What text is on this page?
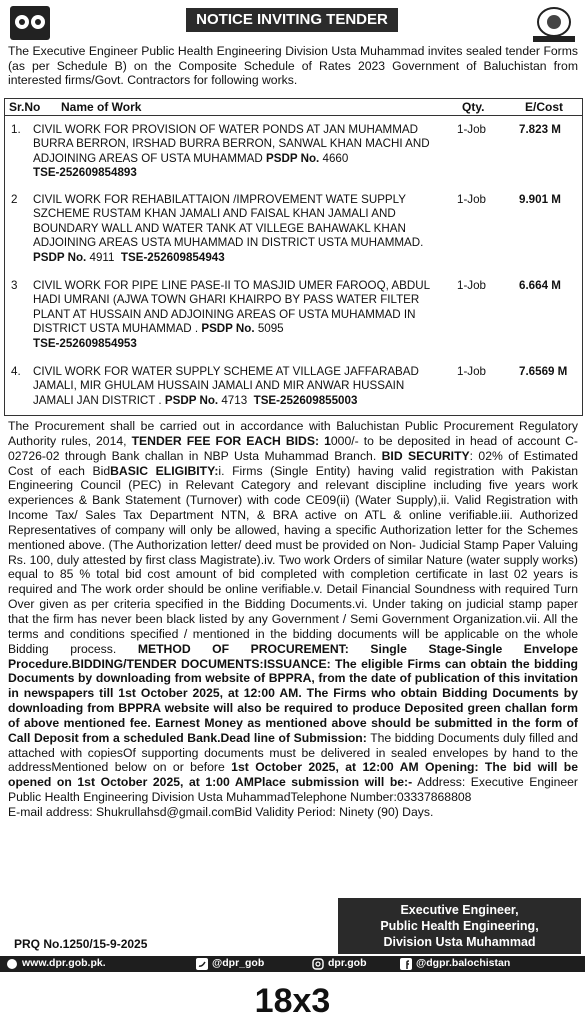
NOTICE INVITING TENDER
The Executive Engineer Public Health Engineering Division Usta Muhammad invites sealed tender Forms (as per Schedule B) on the Composite Schedule of Rates 2023 Government of Baluchistan from interested firms/Govt. Contractors for following works.
Sr.No Name of Work	Qty.	E/Cost
1. CIVIL WORK FOR PROVISION OF WATER PONDS AT JAN MUHAMMAD BURRA BERRON, IRSHAD BURRA BERRON, SANWAL KHAN MACHI AND ADJOINING AREAS OF USTA MUHAMMAD PSDP No. 4660
TSE-252609854893
1-Job	7.823 M
2 CIVIL WORK FOR REHABILATTAION /IMPROVEMENT WATE SUPPLY SZCHEME RUSTAM KHAN JAMALI AND FAISAL KHAN JAMALI AND BOUNDARY WALL AND WATER TANK AT VILLEGE BAHAWAKL KHAN ADJOINING AREAS USTA MUHAMMAD IN DISTRICT USTA MUHAMMAD. PSDP No. 4911 TSE-252609854943
1-Job	9.901 M
3 CIVIL WORK FOR PIPE LINE PASE-II TO MASJID UMER FAROOQ, ABDUL HADI UMRANI (AJWA TOWN GHARI KHAIRPO BY PASS WATER FILTER PLANT AT HUSSAIN AND ADJOINING AREAS OF USTA MUHAMMAD IN DISTRICT USTA MUHAMMAD . PSDP No. 5095
TSE-252609854953
1-Job	6.664 M
4. CIVIL WORK FOR WATER SUPPLY SCHEME AT VILLAGE JAFFARABAD JAMALI, MIR GHULAM HUSSAIN JAMALI AND MIR ANWAR HUSSAIN JAMALI JAN DISTRICT . PSDP No. 4713 TSE-252609855003
1-Job	7.6569 M
The Procurement shall be carried out in accordance with Baluchistan Public Procurement Regulatory Authority rules, 2014, TENDER FEE FOR EACH BIDS: 1000/- to be deposited in head of account C-02726-02 through Bank challan in NBP Usta Muhammad Branch. BID SECURITY: 02% of Estimated Cost of each BidBASIC ELIGIBITY:i. Firms (Single Entity) having valid registration with Pakistan Engineering Council (PEC) in Relevant Category and relevant discipline including five years work experiences & Bank Statement (Turnover) with code CE09(ii) (Water Supply),ii. Valid Registration with Income Tax/ Sales Tax Department NTN, & BRA active on ATL & online verifiable.iii. Authorized Representatives of company will only be allowed, having a specific Authorization letter for the Schemes mentioned above. (The Authorization letter/ deed must be provided on Non- Judicial Stamp Paper Valuing Rs. 100, duly attested by first class Magistrate).iv. Two work Orders of similar Nature (water supply works) equal to 85 % total bid cost amount of bid completed with completion certificate in last 02 years is required and The work order should be online verifiable.v. Detail Financial Soundness with required Turn Over given as per criteria specified in the Bidding Documents.vi. Under taking on judicial stamp paper that the firm has never been black listed by any Government / Semi Government Organization.vii. All the terms and conditions specified / mentioned in the bidding documents will be applicable on the whole Bidding process. METHOD OF PROCUREMENT: Single Stage-Single Envelope Procedure.BIDDING/TENDER DOCUMENTS:ISSUANCE: The eligible Firms can obtain the bidding Documents by downloading from website of BPPRA, from the date of publication of this invitation in newspapers till 1st October 2025, at 12:00 AM. The Firms who obtain Bidding Documents by downloading from BPPRA website will also be required to produce Deposited green challan form of above mentioned fee. Earnest Money as mentioned above should be submitted in the form of Call Deposit from a scheduled Bank.Dead line of Submission: The bidding Documents duly filled and attached with copiesOf supporting documents must be delivered in sealed envelopes by hand to the addressMentioned below on or before 1st October 2025, at 12:00 AM Opening: The bid will be opened on 1st October 2025, at 1:00 AMPlace submission will be:- Address: Executive Engineer Public Health Engineering Division Usta MuhammadTelephone Number:03337868808
E-mail address: Shukrullahsd@gmail.comBid Validity Period: Ninety (90) Days.
Executive Engineer,
Public Health Engineering,
Division Usta Muhammad
PRQ No.1250/15-9-2025
www.dpr.gob.pk.	@dpr_gob	dpr.gob	@dgpr.balochistan
18x3
